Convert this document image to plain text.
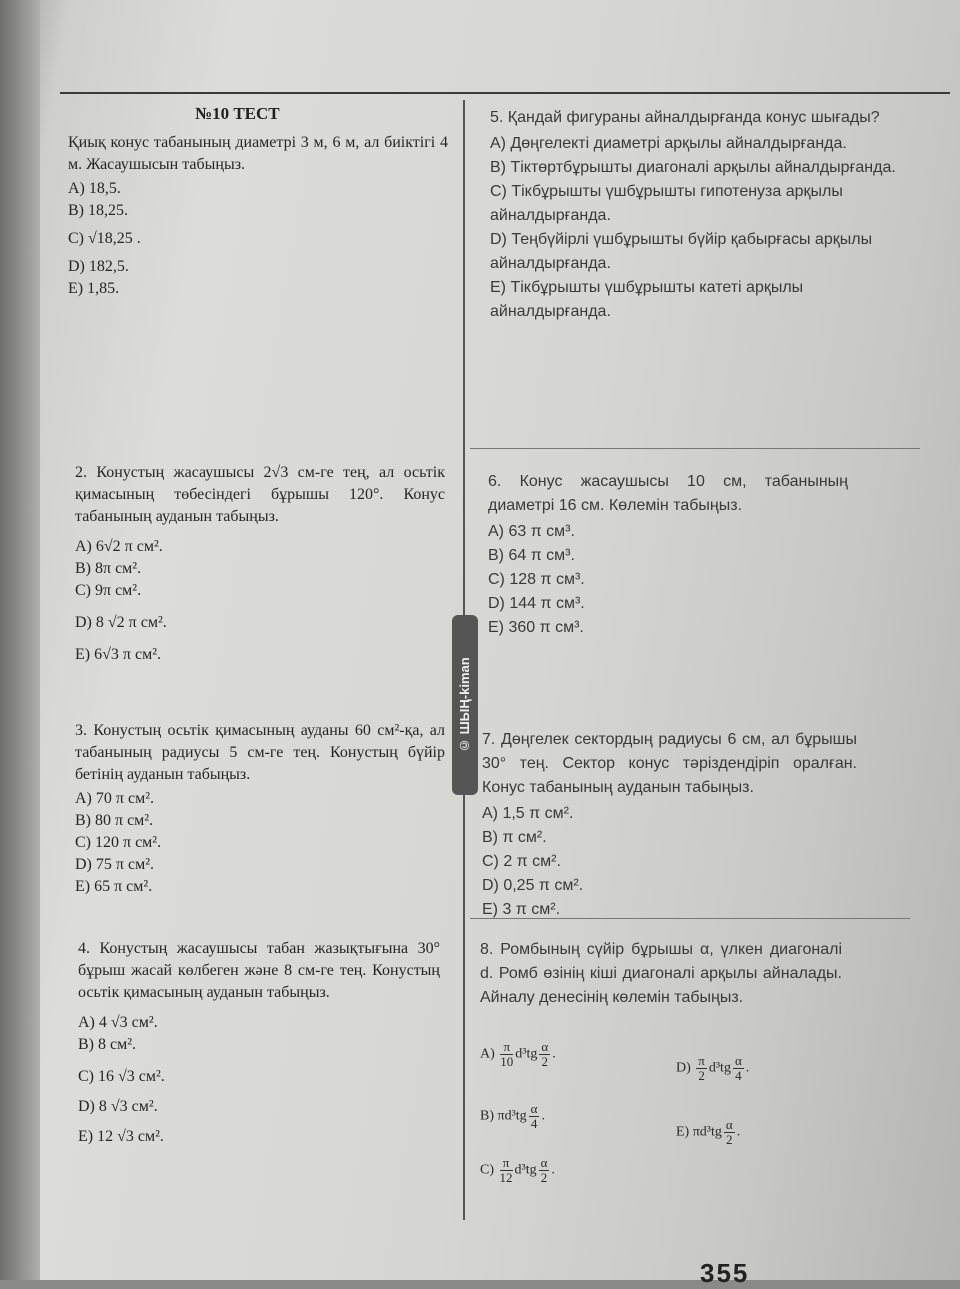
№10 ТЕСТ

Қиық конус табанының диаметрі 3 м, 6 м, ал биіктігі 4 м. Жасаушысын табыңыз.

A) 18,5.

B) 18,25.

C) √18,25 .

D) 182,5.

E) 1,85.

2. Конустың жасаушысы 2√3 см-ге тең, ал осьтік қимасының төбесіндегі бұрышы 120°. Конус табанының ауданын табыңыз.

A) 6√2 π см².

B) 8π см².

C) 9π см².

D) 8 √2 π см².

E) 6√3 π см².

3. Конустың осьтік қимасының ауданы 60 см²-қа, ал табанының радиусы 5 см-ге тең. Конустың бүйір бетінің ауданын табыңыз.

A) 70 π см².

B) 80 π см².

C) 120 π см².

D) 75 π см².

E) 65 π см².

4. Конустың жасаушысы табан жазықтығына 30° бұрыш жасай көлбеген және 8 см-ге тең. Конустың осьтік қимасының ауданын табыңыз.

A) 4 √3 см².

B) 8 см².

C) 16 √3 см².

D) 8 √3 см².

E) 12 √3 см².

5. Қандай фигураны айналдырғанда конус шығады?

A) Дөңгелекті диаметрі арқылы айналдырғанда.

B) Тіктөртбұрышты диагоналі арқылы айналдырғанда.

C) Тікбұрышты үшбұрышты гипотенуза арқылы айналдырғанда.

D) Теңбүйірлі үшбұрышты бүйір қабырғасы арқылы айналдырғанда.

E) Тікбұрышты үшбұрышты катеті арқылы айналдырғанда.

6. Конус жасаушысы 10 см, табанының диаметрі 16 см. Көлемін табыңыз.

A) 63 π см³.

B) 64 π см³.

C) 128 π см³.

D) 144 π см³.

E) 360 π см³.

7. Дөңгелек сектордың радиусы 6 см, ал бұрышы 30° тең. Сектор конус тәріздендіріп оралған. Конус табанының ауданын табыңыз.

A) 1,5 π см².

B) π см².

C) 2 π см².

D) 0,25 π см².

E) 3 π см².

8. Ромбының сүйір бұрышы α, үлкен диагоналі d. Ромб өзінің кіші диагоналі арқылы айналады. Айналу денесінің көлемін табыңыз.

$A) \frac{\pi}{10} d^3tg \frac{\alpha}{2}$ .
$D) \frac{\pi}{2} d^3tg \frac{\alpha}{4}$ .
B) $\pi d^3tg \frac{\alpha}{4}$ .
E) $\pi d^3tg \frac{\alpha}{2}$ .
$C) \frac{\pi}{12} d^3tg \frac{\alpha}{2}$ .
© ШЫҢ-kiman
355
